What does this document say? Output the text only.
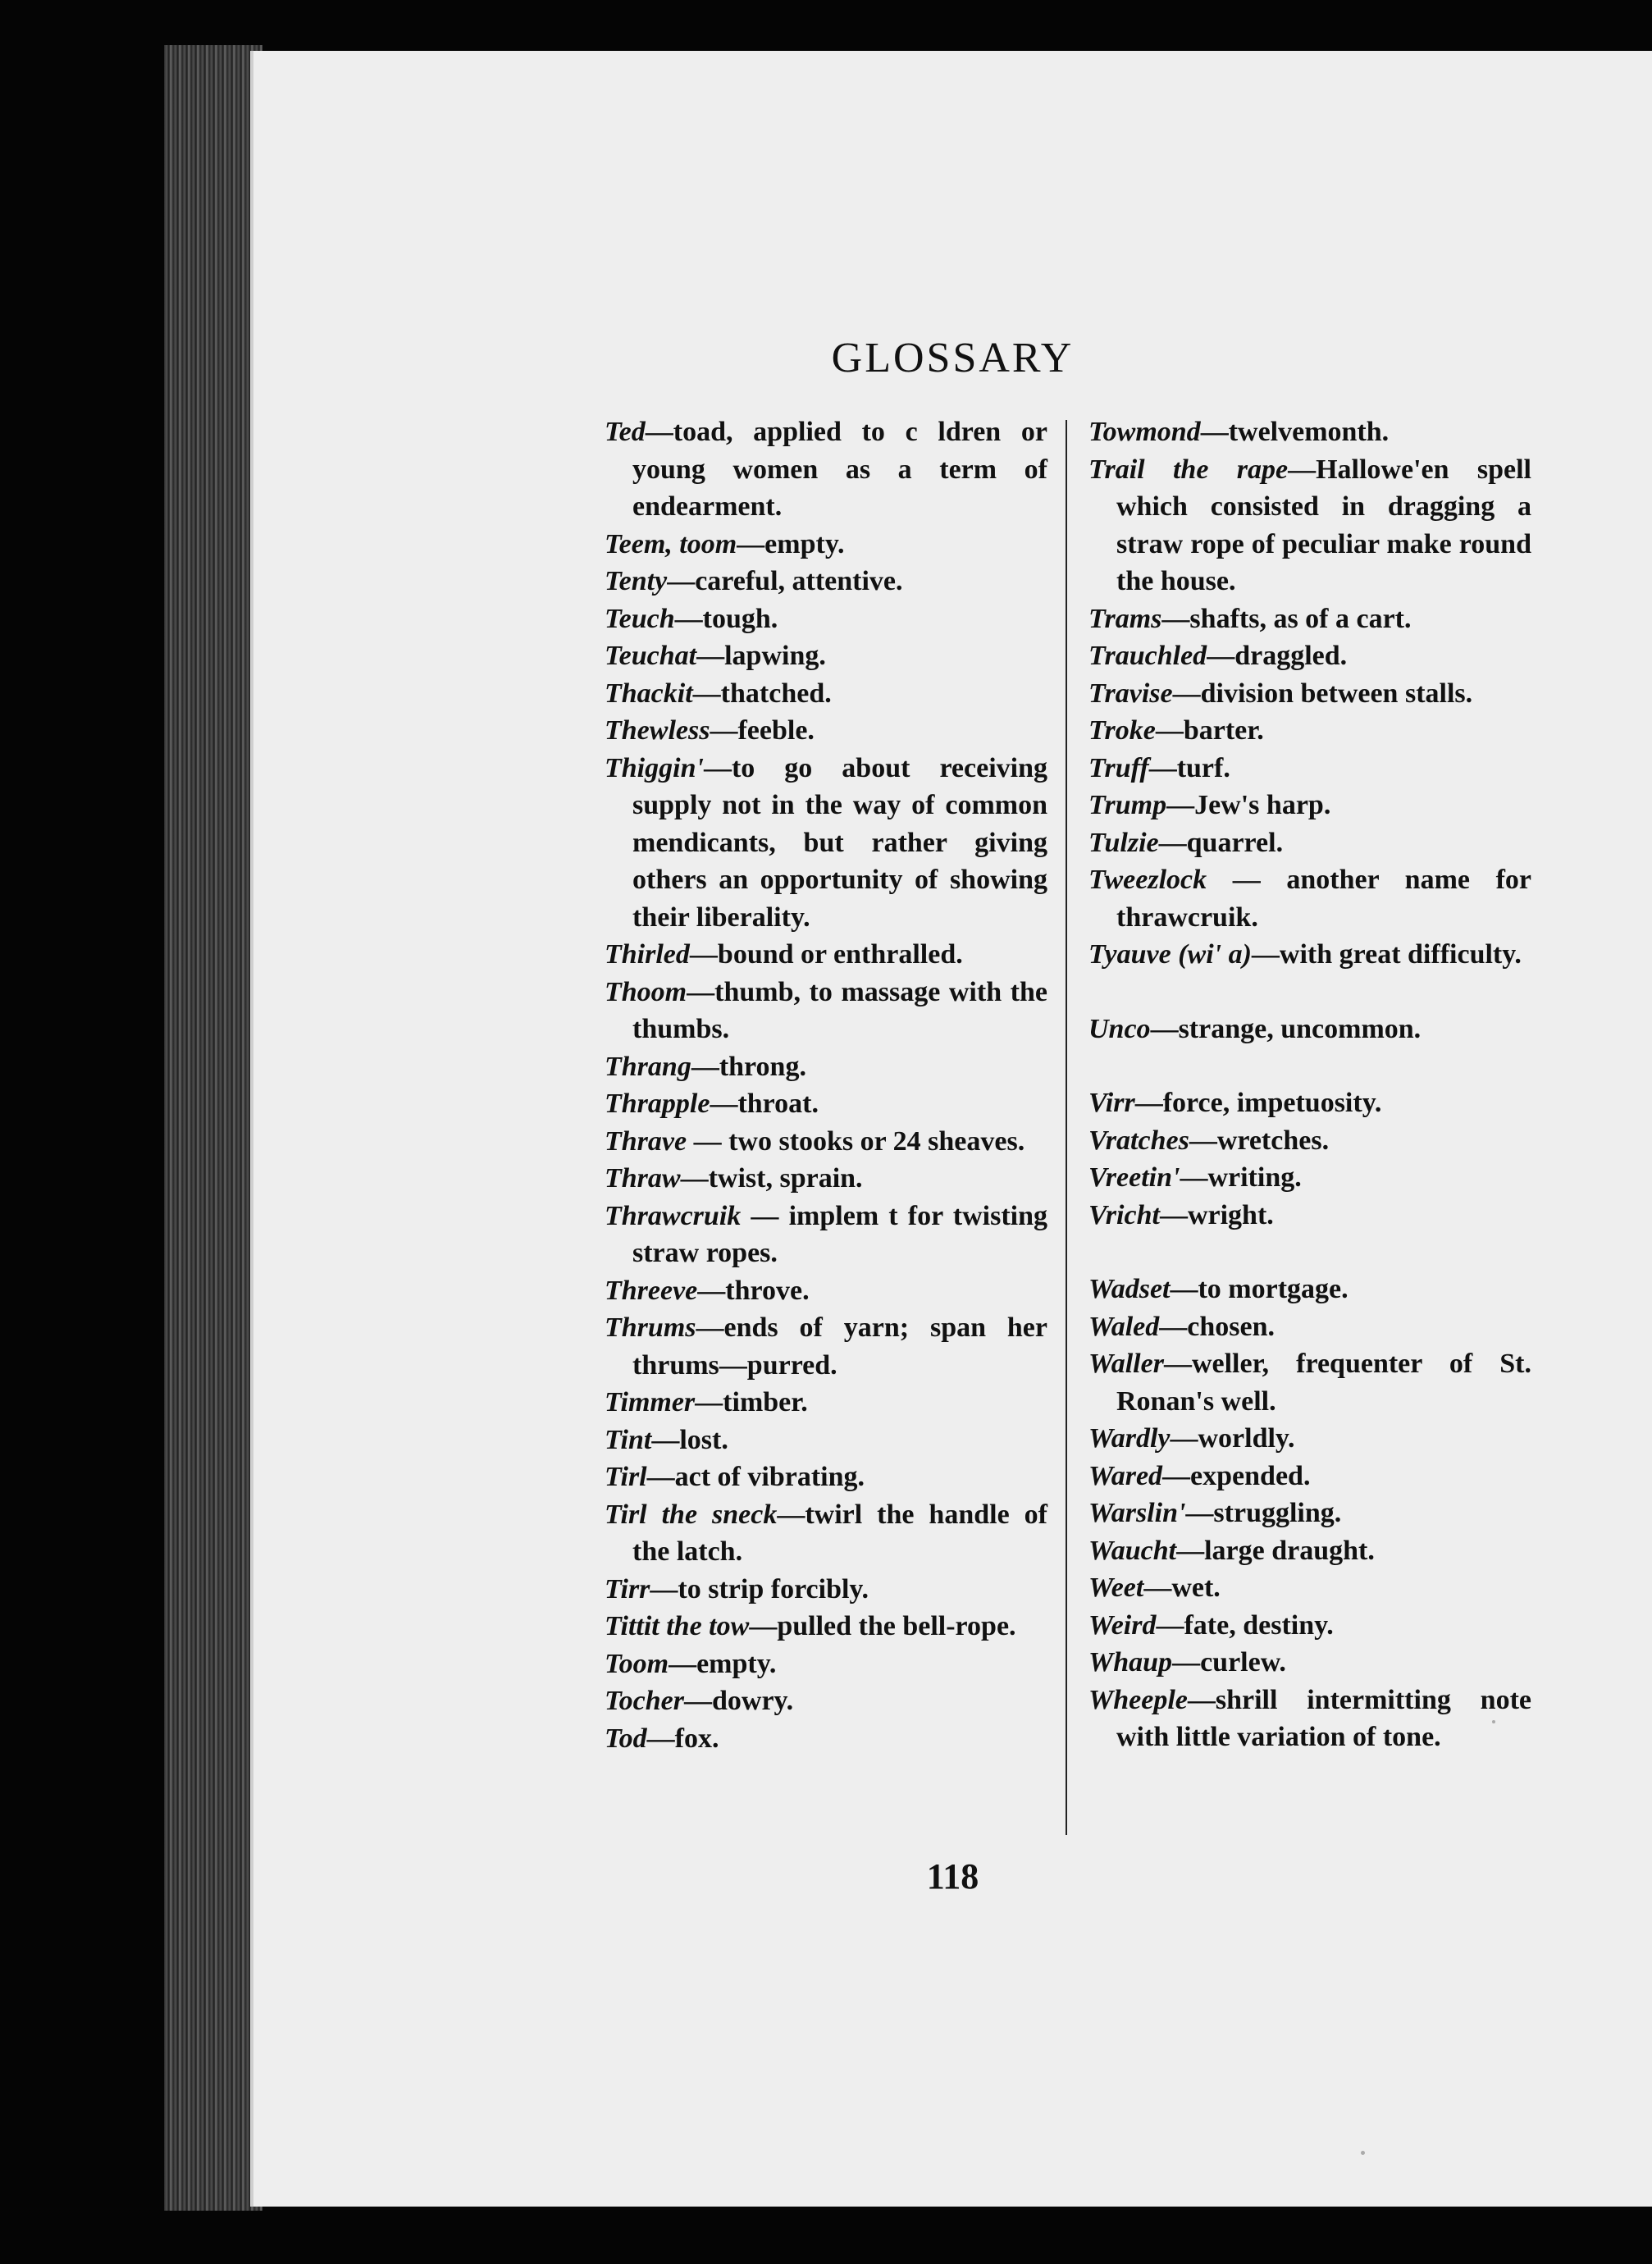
GLOSSARY
Ted—toad, applied to c ldren or young women as a term of endearment.
Teem, toom—empty.
Tenty—careful, attentive.
Teuch—tough.
Teuchat—lapwing.
Thackit—thatched.
Thewless—feeble.
Thiggin'—to go about receiving supply not in the way of common mendicants, but rather giving others an opportunity of showing their liberality.
Thirled—bound or enthralled.
Thoom—thumb, to massage with the thumbs.
Thrang—throng.
Thrapple—throat.
Thrave — two stooks or 24 sheaves.
Thraw—twist, sprain.
Thrawcruik — implem t for twisting straw ropes.
Threeve—throve.
Thrums—ends of yarn; span her thrums—purred.
Timmer—timber.
Tint—lost.
Tirl—act of vibrating.
Tirl the sneck—twirl the handle of the latch.
Tirr—to strip forcibly.
Tittit the tow—pulled the bell-rope.
Toom—empty.
Tocher—dowry.
Tod—fox.
Towmond—twelvemonth.
Trail the rape—Hallowe'en spell which consisted in dragging a straw rope of peculiar make round the house.
Trams—shafts, as of a cart.
Trauchled—draggled.
Travise—division between stalls.
Troke—barter.
Truff—turf.
Trump—Jew's harp.
Tulzie—quarrel.
Tweezlock — another name for thrawcruik.
Tyauve (wi' a)—with great difficulty.
Unco—strange, uncommon.
Virr—force, impetuosity.
Vratches—wretches.
Vreetin'—writing.
Vricht—wright.
Wadset—to mortgage.
Waled—chosen.
Waller—weller, frequenter of St. Ronan's well.
Wardly—worldly.
Wared—expended.
Warslin'—struggling.
Waucht—large draught.
Weet—wet.
Weird—fate, destiny.
Whaup—curlew.
Wheeple—shrill intermitting note with little variation of tone.
118
